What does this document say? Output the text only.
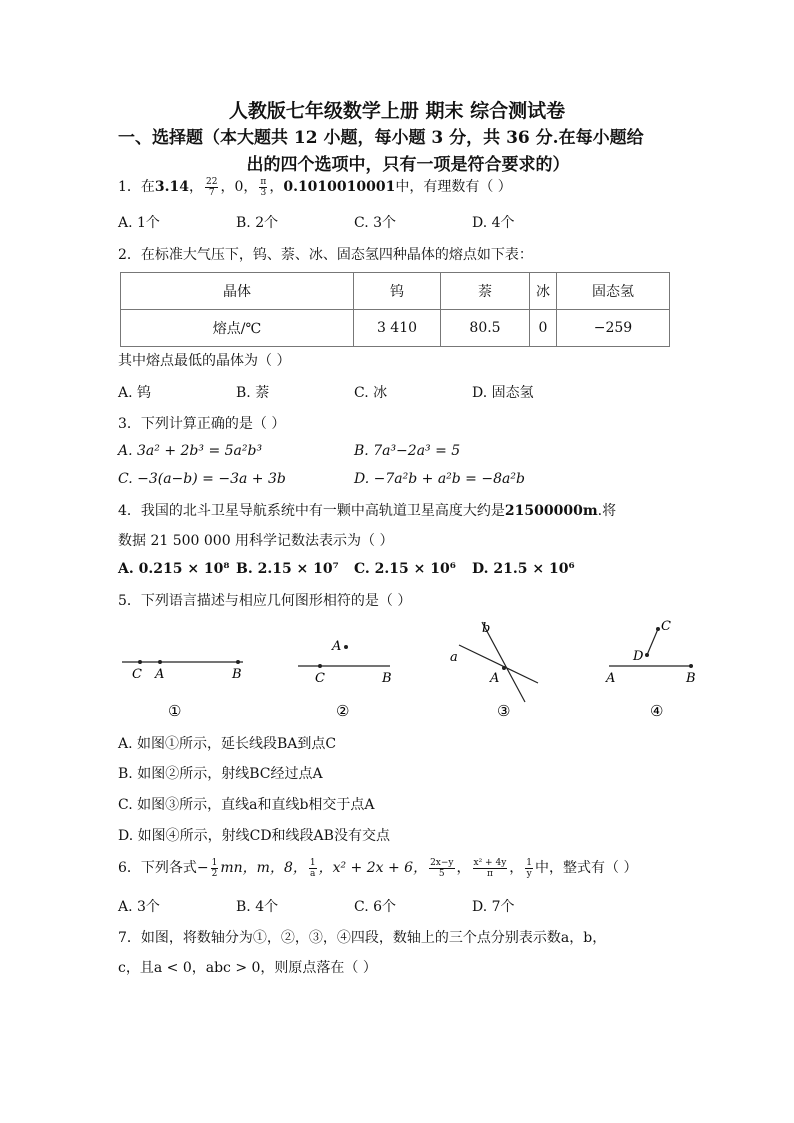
人教版七年级数学上册 期末 综合测试卷
一、选择题（本大题共 12 小题，每小题 3 分，共 36 分.在每小题给
出的四个选项中，只有一项是符合要求的）
1．在3.14， $\frac{22}{7}$ ，0， $\frac{\pi}{3}$ ，0.1010010001中，有理数有（ ）
A. 1个	B. 2个	C. 3个	D. 4个
2．在标准大气压下，钨、萘、冰、固态氢四种晶体的熔点如下表：
晶体	钨	萘	冰	固态氢
熔点/℃	3 410	80.5	0	−259
其中熔点最低的晶体为（ ）
A. 钨	B. 萘	C. 冰	D. 固态氢
3．下列计算正确的是（ ）
A. 3a² + 2b³ = 5a²b³	B. 7a³−2a³ = 5
C. −3(a−b) = −3a + 3b	D. −7a²b + a²b = −8a²b
4．我国的北斗卫星导航系统中有一颗中高轨道卫星高度大约是21500000m.将
数据 21 500 000 用科学记数法表示为（ ）
A. 0.215 × 10⁸ B. 2.15 × 10⁷ C. 2.15 × 10⁶ D. 21.5 × 10⁶
5．下列语言描述与相应几何图形相符的是（ ）
C A	B
①
A
C	B
②
a
b
A
③
C
D
A	B
④
A. 如图①所示，延长线段BA到点C
B. 如图②所示，射线BC经过点A
C. 如图③所示，直线a和直线b相交于点A
D. 如图④所示，射线CD和线段AB没有交点
6．下列各式− $\frac{1}{2}$ mn，m，8， $\frac{1}{a}$ ，x² + 2x + 6， $\frac{2x-y}{5}$ ， $\frac{\text{x² + 4y}}{\pi}$ ， $\frac{1}{y}$ 中，整式有（ ）
A. 3个	B. 4个	C. 6个	D. 7个
7．如图，将数轴分为①，②，③，④四段，数轴上的三个点分别表示数a，b，
c，且a < 0，abc > 0，则原点落在（ ）
